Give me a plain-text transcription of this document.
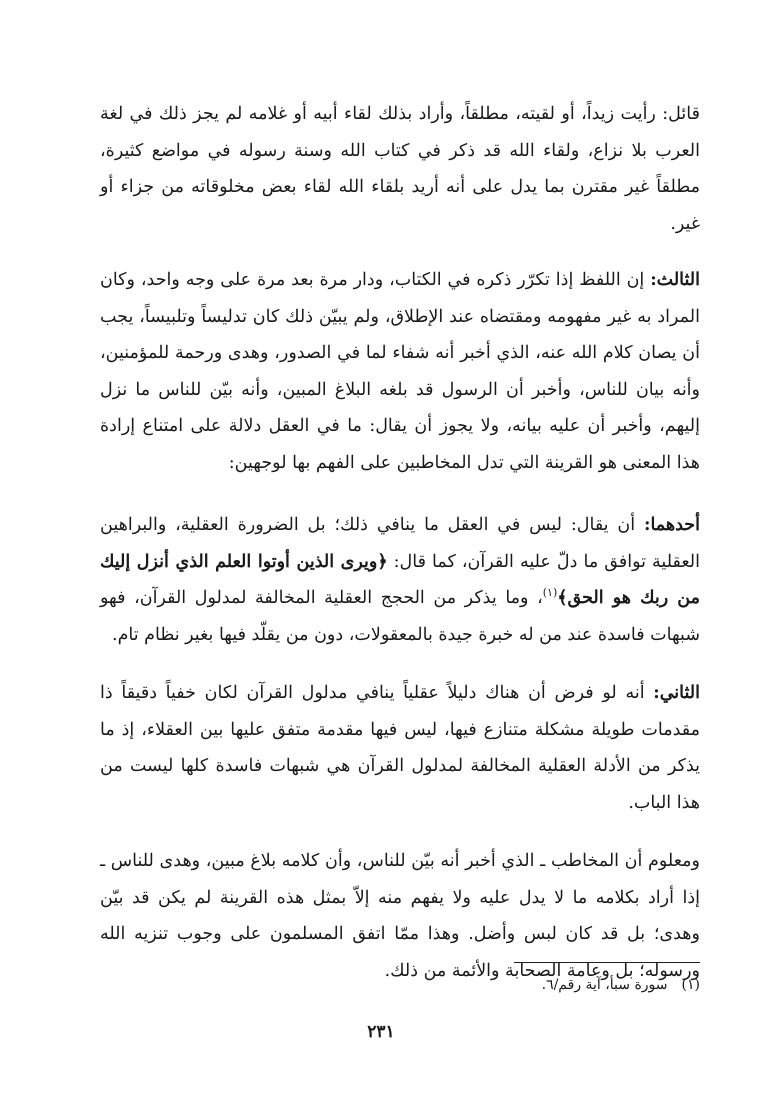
قائل: رأيت زيداً، أو لقيته، مطلقاً، وأراد بذلك لقاء أبيه أو غلامه لم يجز ذلك في لغة العرب بلا نزاع، ولقاء الله قد ذكر في كتاب الله وسنة رسوله في مواضع كثيرة، مطلقاً غير مقترن بما يدل على أنه أريد بلقاء الله لقاء بعض مخلوقاته من جزاء أو غير.

الثالث: إن اللفظ إذا تكرّر ذكره في الكتاب، ودار مرة بعد مرة على وجه واحد، وكان المراد به غير مفهومه ومقتضاه عند الإطلاق، ولم يبيّن ذلك كان تدليساً وتلبيساً، يجب أن يصان كلام الله عنه، الذي أخبر أنه شفاء لما في الصدور، وهدى ورحمة للمؤمنين، وأنه بيان للناس، وأخبر أن الرسول قد بلغه البلاغ المبين، وأنه بيّن للناس ما نزل إليهم، وأخبر أن عليه بيانه، ولا يجوز أن يقال: ما في العقل دلالة على امتناع إرادة هذا المعنى هو القرينة التي تدل المخاطبين على الفهم بها لوجهين:

أحدهما: أن يقال: ليس في العقل ما ينافي ذلك؛ بل الضرورة العقلية، والبراهين العقلية توافق ما دلّ عليه القرآن، كما قال: ﴿ويرى الذين أوتوا العلم الذي أنزل إليك من ربك هو الحق﴾$^{(١)}$، وما يذكر من الحجج العقلية المخالفة لمدلول القرآن، فهو شبهات فاسدة عند من له خبرة جيدة بالمعقولات، دون من يقلّد فيها بغير نظام تام.

الثاني: أنه لو فرض أن هناك دليلاً عقلياً ينافي مدلول القرآن لكان خفياً دقيقاً ذا مقدمات طويلة مشكلة متنازع فيها، ليس فيها مقدمة متفق عليها بين العقلاء، إذ ما يذكر من الأدلة العقلية المخالفة لمدلول القرآن هي شبهات فاسدة كلها ليست من هذا الباب.

ومعلوم أن المخاطب ـ الذي أخبر أنه بيّن للناس، وأن كلامه بلاغ مبين، وهدى للناس ـ إذا أراد بكلامه ما لا يدل عليه ولا يفهم منه إلاّ بمثل هذه القرينة لم يكن قد بيّن وهدى؛ بل قد كان لبس وأضل. وهذا ممّا اتفق المسلمون على وجوب تنزيه الله ورسوله؛ بل وعامة الصحابة والأئمة من ذلك.

(١)سورة سبأ، آية رقم/٦.
٢٣١
